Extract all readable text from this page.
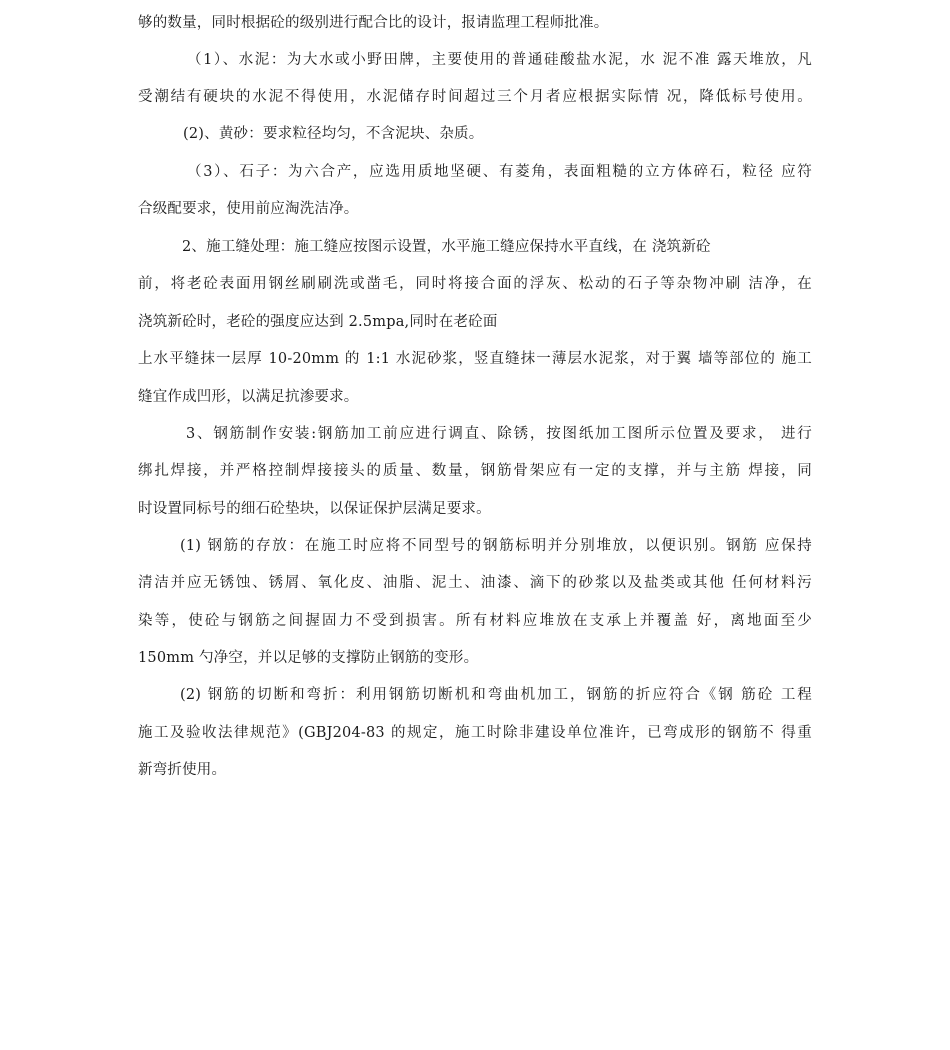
够的数量，同时根据砼的级别进行配合比的设计，报请监理工程师批准。
（1）、水泥：为大水或小野田牌，主要使用的普通硅酸盐水泥，水 泥不准 露天堆放，凡
受潮结有硬块的水泥不得使用，水泥储存时间超过三个月者应根据实际情 况，降低标号使用。
(2)、黄砂：要求粒径均匀，不含泥块、杂质。
（3）、石子：为六合产，应选用质地坚硬、有菱角，表面粗糙的立方体碎石，粒径 应符
合级配要求，使用前应淘洗洁净。
2、施工缝处理：施工缝应按图示设置，水平施工缝应保持水平直线，在 浇筑新砼
前，将老砼表面用钢丝刷刷洗或凿毛，同时将接合面的浮灰、松动的石子等杂物冲刷 洁净，在
浇筑新砼时，老砼的强度应达到 2.5mpa,同时在老砼面
上水平缝抹一层厚 10-20mm 的 1:1 水泥砂浆，竖直缝抹一薄层水泥浆，对于翼 墙等部位的 施工
缝宜作成凹形，以满足抗渗要求。
3、钢筋制作安装:钢筋加工前应进行调直、除锈，按图纸加工图所示位置及要求， 进行
绑扎焊接，并严格控制焊接接头的质量、数量，钢筋骨架应有一定的支撑，并与主筋 焊接，同
时设置同标号的细石砼垫块，以保证保护层满足要求。
(1) 钢筋的存放：在施工时应将不同型号的钢筋标明并分别堆放，以便识别。钢筋 应保持
清洁并应无锈蚀、锈屑、氧化皮、油脂、泥土、油漆、滴下的砂浆以及盐类或其他 任何材料污
染等，使砼与钢筋之间握固力不受到损害。所有材料应堆放在支承上并覆盖 好，离地面至少
150mm 勺净空，并以足够的支撑防止钢筋的变形。
(2) 钢筋的切断和弯折：利用钢筋切断机和弯曲机加工，钢筋的折应符合《钢 筋砼 工程
施工及验收法律规范》(GBJ204-83 的规定，施工时除非建设单位准许，已弯成形的钢筋不 得重
新弯折使用。
